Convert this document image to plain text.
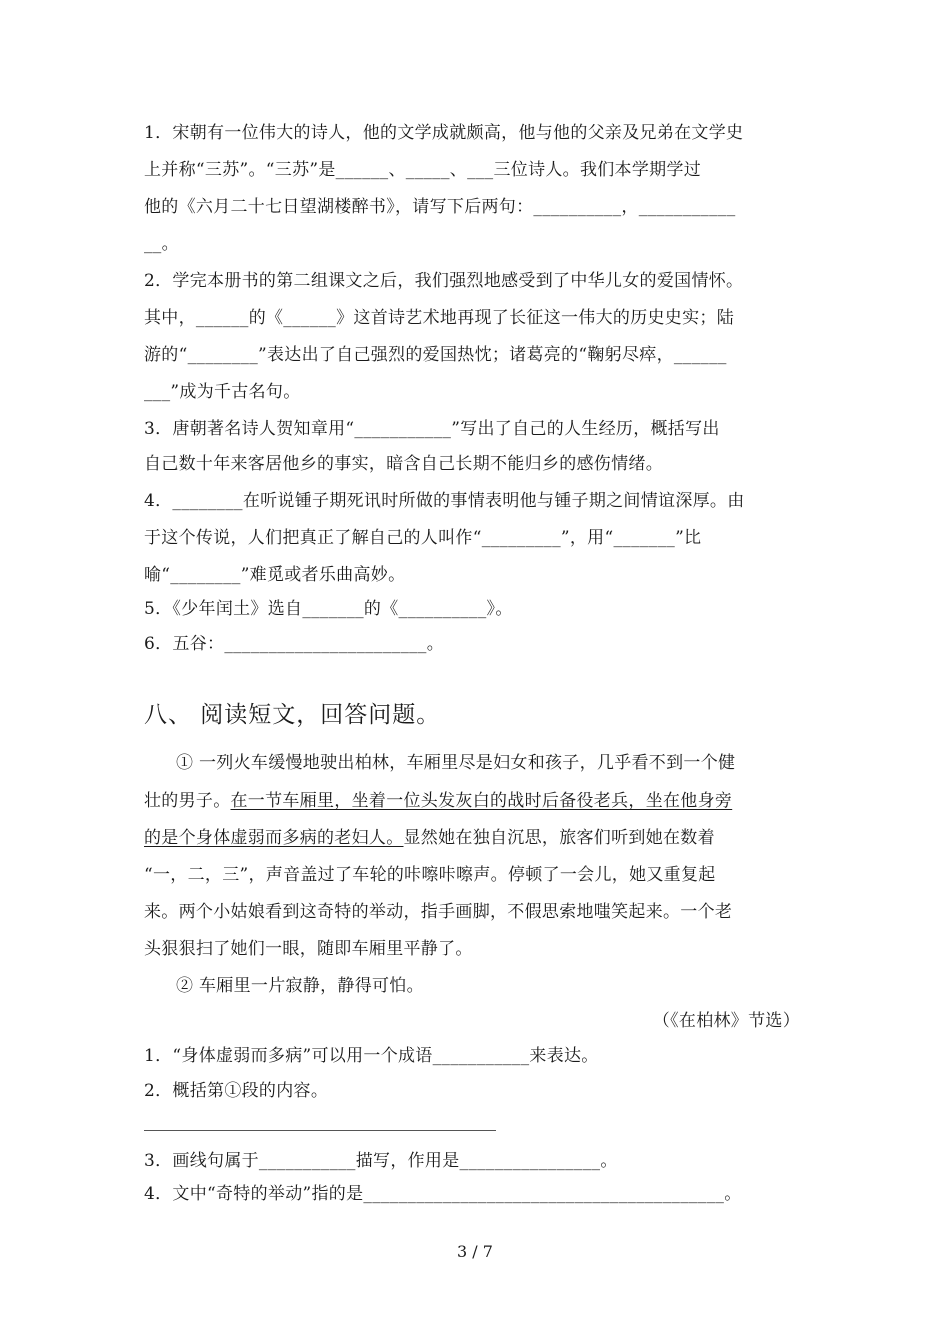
1．宋朝有一位伟大的诗人，他的文学成就颇高，他与他的父亲及兄弟在文学史
上并称“三苏”。“三苏”是______、_____、___三位诗人。我们本学期学过
他的《六月二十七日望湖楼醉书》，请写下后两句：__________，___________
__。
2．学完本册书的第二组课文之后，我们强烈地感受到了中华儿女的爱国情怀。
其中，______的《______》这首诗艺术地再现了长征这一伟大的历史史实；陆
游的“________”表达出了自己强烈的爱国热忱；诸葛亮的“鞠躬尽瘁，______
___”成为千古名句。
3．唐朝著名诗人贺知章用“___________”写出了自己的人生经历，概括写出
自己数十年来客居他乡的事实，暗含自己长期不能归乡的感伤情绪。
4．________在听说锺子期死讯时所做的事情表明他与锺子期之间情谊深厚。由
于这个传说，人们把真正了解自己的人叫作“_________”，用“_______”比
喻“________”难觅或者乐曲高妙。
5．《少年闰土》选自_______的《__________》。
6．五谷：_______________________。
八、 阅读短文，回答问题。
① 一列火车缓慢地驶出柏林，车厢里尽是妇女和孩子，几乎看不到一个健
壮的男子。在一节车厢里，坐着一位头发灰白的战时后备役老兵，坐在他身旁
的是个身体虚弱而多病的老妇人。显然她在独自沉思，旅客们听到她在数着
“一，二，三”，声音盖过了车轮的咔嚓咔嚓声。停顿了一会儿，她又重复起
来。两个小姑娘看到这奇特的举动，指手画脚，不假思索地嗤笑起来。一个老
头狠狠扫了她们一眼，随即车厢里平静了。
② 车厢里一片寂静，静得可怕。
（《在柏林》节选）
1．“身体虚弱而多病”可以用一个成语___________来表达。
2．概括第①段的内容。
3．画线句属于___________描写，作用是________________。
4．文中“奇特的举动”指的是_________________________________________。
3 / 7
